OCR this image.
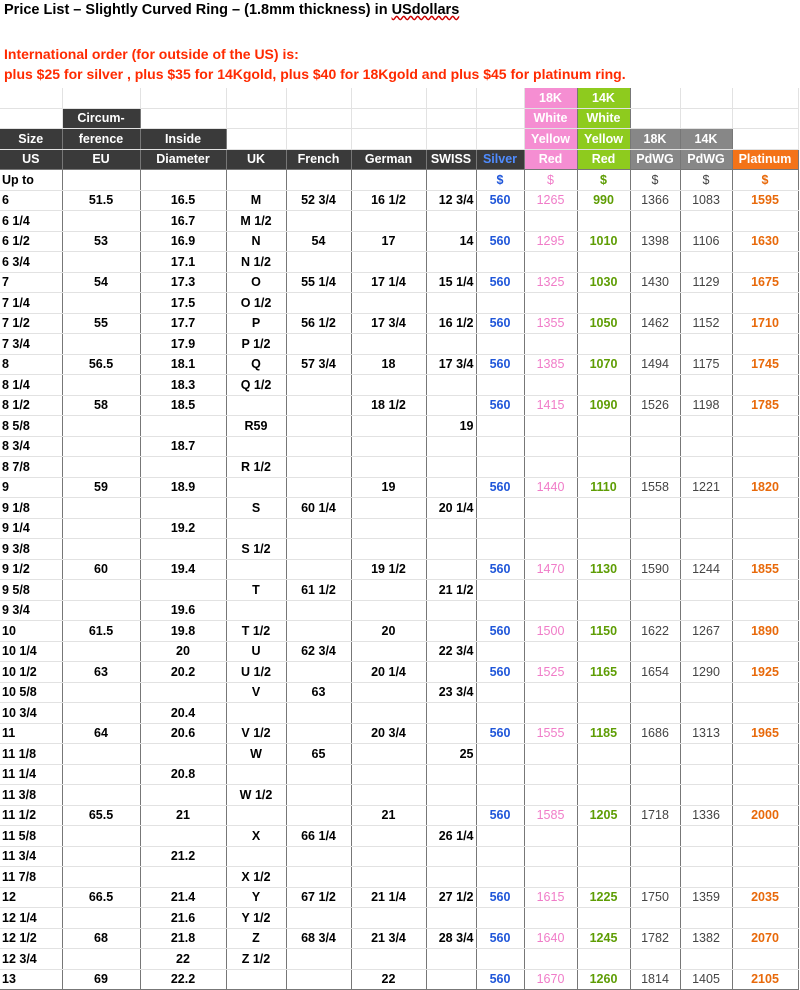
Price List – Slightly Curved Ring – (1.8mm thickness) in USdollars
International order (for outside of the US) is:
plus $25 for silver , plus $35 for 14Kgold, plus $40 for 18Kgold and plus $45 for platinum ring.
								18K	14K			
	Circum-							White	White			
Size	ference	Inside						Yellow	Yellow	18K	14K	
US	EU	Diameter	UK	French	German	SWISS	Silver	Red	Red	PdWG	PdWG	Platinum
Up to							$	$	$	$	$	$
6	51.5	16.5	M	52 3/4	16 1/2	12 3/4	560	1265	990	1366	1083	1595
6 1/4		16.7	M 1/2									
6 1/2	53	16.9	N	54	17	14	560	1295	1010	1398	1106	1630
6 3/4		17.1	N 1/2									
7	54	17.3	O	55 1/4	17 1/4	15 1/4	560	1325	1030	1430	1129	1675
7 1/4		17.5	O 1/2									
7 1/2	55	17.7	P	56 1/2	17 3/4	16 1/2	560	1355	1050	1462	1152	1710
7 3/4		17.9	P 1/2									
8	56.5	18.1	Q	57 3/4	18	17 3/4	560	1385	1070	1494	1175	1745
8 1/4		18.3	Q 1/2									
8 1/2	58	18.5			18 1/2		560	1415	1090	1526	1198	1785
8 5/8			R59			19						
8 3/4		18.7										
8 7/8			R 1/2									
9	59	18.9			19		560	1440	1110	1558	1221	1820
9 1/8			S	60 1/4		20 1/4						
9 1/4		19.2										
9 3/8			S 1/2									
9 1/2	60	19.4			19 1/2		560	1470	1130	1590	1244	1855
9 5/8			T	61 1/2		21 1/2						
9 3/4		19.6										
10	61.5	19.8	T 1/2		20		560	1500	1150	1622	1267	1890
10 1/4		20	U	62 3/4		22 3/4						
10 1/2	63	20.2	U 1/2		20 1/4		560	1525	1165	1654	1290	1925
10 5/8			V	63		23 3/4						
10 3/4		20.4										
11	64	20.6	V 1/2		20 3/4		560	1555	1185	1686	1313	1965
11 1/8			W	65		25						
11 1/4		20.8										
11 3/8			W 1/2									
11 1/2	65.5	21			21		560	1585	1205	1718	1336	2000
11 5/8			X	66 1/4		26 1/4						
11 3/4		21.2										
11 7/8			X 1/2									
12	66.5	21.4	Y	67 1/2	21 1/4	27 1/2	560	1615	1225	1750	1359	2035
12 1/4		21.6	Y 1/2									
12 1/2	68	21.8	Z	68 3/4	21 3/4	28 3/4	560	1640	1245	1782	1382	2070
12 3/4		22	Z 1/2									
13	69	22.2			22		560	1670	1260	1814	1405	2105
